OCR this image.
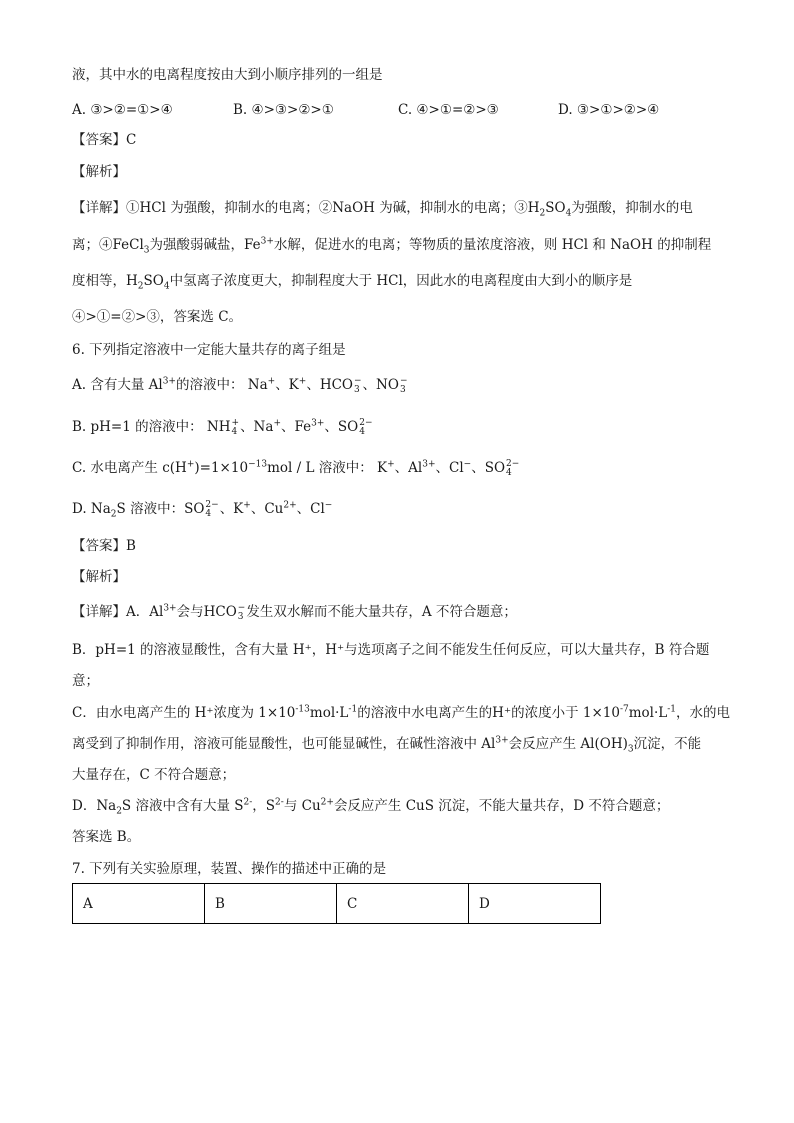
液，其中水的电离程度按由大到小顺序排列的一组是
A. ③>②=①>④	B. ④>③>②>①	C. ④>①=②>③	D. ③>①>②>④
【答案】C
【解析】
【详解】①HCl 为强酸，抑制水的电离；②NaOH 为碱，抑制水的电离；$③H_2SO_4$为强酸，抑制水的电
离；④FeCl$_3$为强酸弱碱盐，$Fe^{3+}$水解，促进水的电离；等物质的量浓度溶液，则 HCl 和 NaOH 的抑制程
度相等，$H_2SO_4$中氢离子浓度更大，抑制程度大于 HCl，因此水的电离程度由大到小的顺序是
④>①=②>③，答案选 C。
6. 下列指定溶液中一定能大量共存的离子组是
A. 含有大量 $Al^{3+}$的溶液中： Na+、K+、HCO −
3 、NO −
3
B. pH=1 的溶液中： NH +
4 、Na+、$Fe^{3+}$、SO 2−
4
C. 水电离产生 $c(H^+)=1\times 10^{-13}mol / L$ 溶液中： K+、$Al^{3+}$、Cl−、SO 2−
4
D. $Na_2S$ 溶液中：SO 2−
4 、K+、$Cu^{2+}$、Cl−
【答案】B
【解析】
【详解】A．$Al^{3+}$会与HCO −
3 发生双水解而不能大量共存，A 不符合题意；
B．pH=1 的溶液显酸性，含有大量 H⁺，H⁺与选项离子之间不能发生任何反应，可以大量共存，B 符合题
意；
C．由水电离产生的 H⁺浓度为 $1\times 10^{-13}mol\cdot L^{-1}$的溶液中水电离产生的H⁺的浓度小于 $1\times 10^{-7}mol\cdot L^{-1}$，水的电
离受到了抑制作用，溶液可能显酸性，也可能显碱性，在碱性溶液中 $Al^{3+}$会反应产生 $Al(OH)_3$沉淀，不能
大量存在，C 不符合题意；
D．$Na_2S$ 溶液中含有大量 $S^{2-}$，$S^{2-}$与 $Cu^{2+}$会反应产生 CuS 沉淀，不能大量共存，D 不符合题意；
答案选 B。
7. 下列有关实验原理，装置、操作的描述中正确的是
A	B	C	D
